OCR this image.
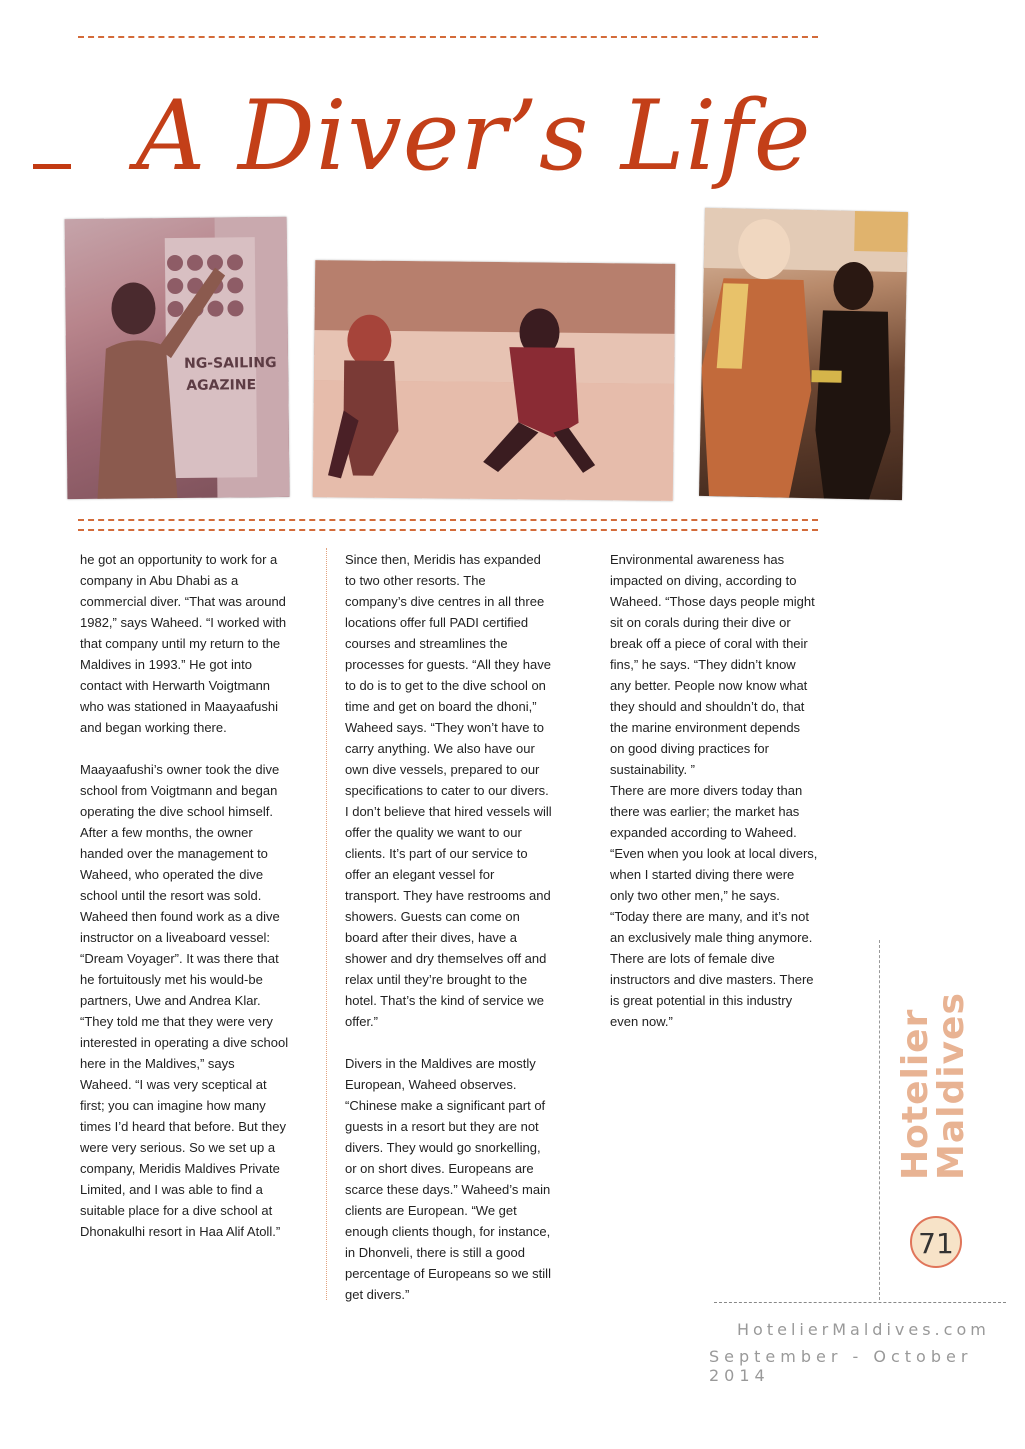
A Diver’s Life
NG-SAILING
AGAZINE

he got an opportunity to work for a
company in Abu Dhabi as a
commercial diver. “That was around
1982,” says Waheed. “I worked with
that company until my return to the
Maldives in 1993.” He got into
contact with Herwarth Voigtmann
who was stationed in Maayaafushi
and began working there.

Maayaafushi’s owner took the dive
school from Voigtmann and began
operating the dive school himself.
After a few months, the owner
handed over the management to
Waheed, who operated the dive
school until the resort was sold.
Waheed then found work as a dive
instructor on a liveaboard vessel:
“Dream Voyager”. It was there that
he fortuitously met his would-be
partners, Uwe and Andrea Klar.
“They told me that they were very
interested in operating a dive school
here in the Maldives,” says
Waheed. “I was very sceptical at
first; you can imagine how many
times I’d heard that before. But they
were very serious. So we set up a
company, Meridis Maldives Private
Limited, and I was able to find a
suitable place for a dive school at
Dhonakulhi resort in Haa Alif Atoll.”

Since then, Meridis has expanded
to two other resorts. The
company’s dive centres in all three
locations offer full PADI certified
courses and streamlines the
processes for guests. “All they have
to do is to get to the dive school on
time and get on board the dhoni,”
Waheed says. “They won’t have to
carry anything. We also have our
own dive vessels, prepared to our
specifications to cater to our divers.
I don’t believe that hired vessels will
offer the quality we want to our
clients. It’s part of our service to
offer an elegant vessel for
transport. They have restrooms and
showers. Guests can come on
board after their dives, have a
shower and dry themselves off and
relax until they’re brought to the
hotel. That’s the kind of service we
offer.”

Divers in the Maldives are mostly
European, Waheed observes.
“Chinese make a significant part of
guests in a resort but they are not
divers. They would go snorkelling,
or on short dives. Europeans are
scarce these days.” Waheed’s main
clients are European. “We get
enough clients though, for instance,
in Dhonveli, there is still a good
percentage of Europeans so we still
get divers.”

Environmental awareness has
impacted on diving, according to
Waheed. “Those days people might
sit on corals during their dive or
break off a piece of coral with their
fins,” he says. “They didn’t know
any better. People now know what
they should and shouldn’t do, that
the marine environment depends
on good diving practices for
sustainability. ”
There are more divers today than
there was earlier; the market has
expanded according to Waheed.
“Even when you look at local divers,
when I started diving there were
only two other men,” he says.
“Today there are many, and it’s not
an exclusively male thing anymore.
There are lots of female dive
instructors and dive masters. There
is great potential in this industry
even now.”	Hotelier
Maldives
71
HotelierMaldives.com
September - October 2014
